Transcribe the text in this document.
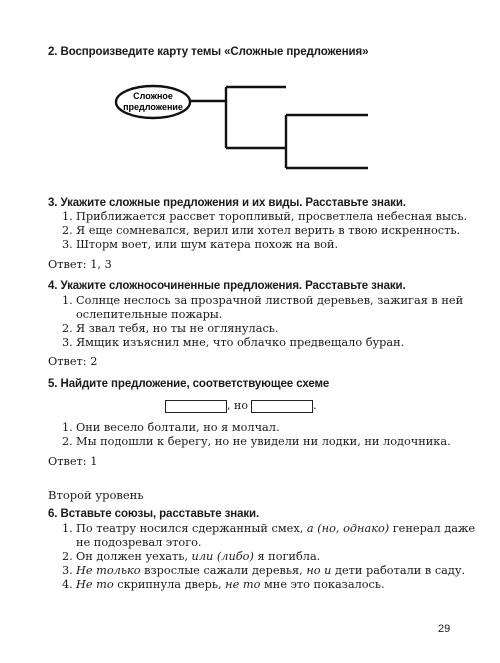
2. Воспроизведите карту темы «Сложные предложения»
Сложное
предложение
3. Укажите сложные предложения и их виды. Расставьте знаки.
1. Приближается рассвет торопливый, просветлела небесная высь.
2. Я еще сомневался, верил или хотел верить в твою искренность.
3. Шторм воет, или шум катера похож на вой.
Ответ: 1, 3
4. Укажите сложносочиненные предложения. Расставьте знаки.
1. Солнце неслось за прозрачной листвой деревьев, зажигая в ней
ослепительные пожары.
2. Я звал тебя, но ты не оглянулась.
3. Ямщик изъяснил мне, что облачко предвещало буран.
Ответ: 2
5. Найдите предложение, соответствующее схеме
, но	.
1. Они весело болтали, но я молчал.
2. Мы подошли к берегу, но не увидели ни лодки, ни лодочника.
Ответ: 1
Второй уровень
6. Вставьте союзы, расставьте знаки.
1. По театру носился сдержанный смех, а (но, однако) генерал даже
не подозревал этого.
2. Он должен уехать, или (либо) я погибла.
3. Не только взрослые сажали деревья, но и дети работали в саду.
4. Не то скрипнула дверь, не то мне это показалось.
29
